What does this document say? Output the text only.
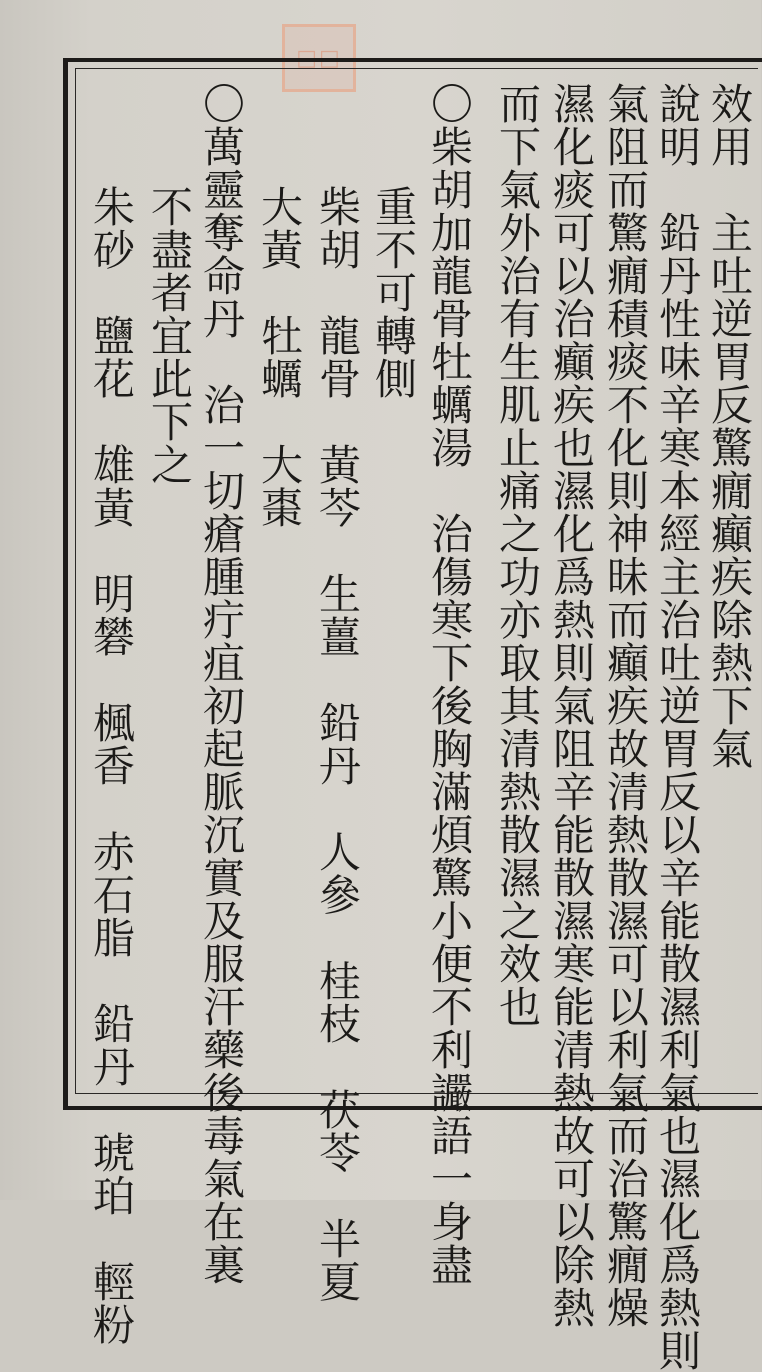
□□
效用　主吐逆胃反驚癇癲疾除熱下氣
說明　鉛丹性味辛寒本經主治吐逆胃反以辛能散濕利氣也濕化爲熱則
氣阻而驚癇積痰不化則神昧而癲疾故清熱散濕可以利氣而治驚癇燥
濕化痰可以治癲疾也濕化爲熱則氣阻辛能散濕寒能清熱故可以除熱
而下氣外治有生肌止痛之功亦取其清熱散濕之效也
〇柴胡加龍骨牡蠣湯　治傷寒下後胸滿煩驚小便不利讝語一身盡
重不可轉側
柴胡　龍骨　黃芩　生薑　鉛丹　人參　桂枝　茯苓　半夏
大黃　牡蠣　大棗
〇萬靈奪命丹　治一切瘡腫疔疽初起脈沉實及服汗藥後毒氣在裏
不盡者宜此下之
朱砂　鹽花　雄黃　明礬　楓香　赤石脂　鉛丹　琥珀　輕粉
